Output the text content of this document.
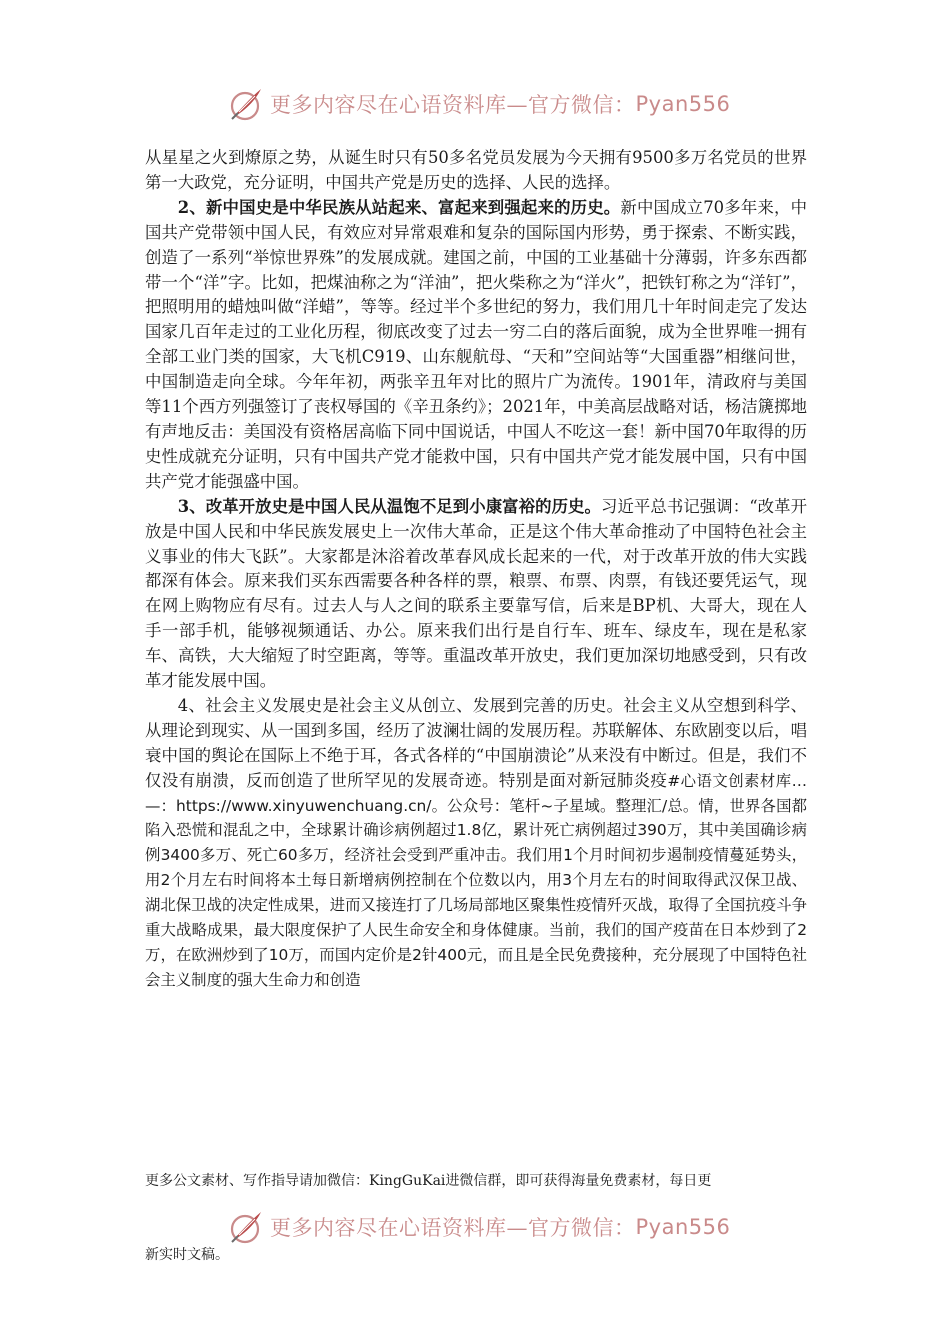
更多内容尽在心语资料库—官方微信： Pyan556

从星星之火到燎原之势，从诞生时只有50多名党员发展为今天拥有9500多万名党员的世界第一大政党，充分证明，中国共产党是历史的选择、人民的选择。

2、新中国史是中华民族从站起来、富起来到强起来的历史。新中国成立70多年来，中国共产党带领中国人民，有效应对异常艰难和复杂的国际国内形势，勇于探索、不断实践，创造了一系列“举惊世界殊”的发展成就。建国之前，中国的工业基础十分薄弱，许多东西都带一个“洋”字。比如，把煤油称之为“洋油”，把火柴称之为“洋火”，把铁钉称之为“洋钉”，把照明用的蜡烛叫做“洋蜡”，等等。经过半个多世纪的努力，我们用几十年时间走完了发达国家几百年走过的工业化历程，彻底改变了过去一穷二白的落后面貌，成为全世界唯一拥有全部工业门类的国家，大飞机C919、山东舰航母、“天和”空间站等“大国重器”相继问世，中国制造走向全球。今年年初，两张辛丑年对比的照片广为流传。1901年，清政府与美国等11个西方列强签订了丧权辱国的《辛丑条约》；2021年，中美高层战略对话，杨洁篪掷地有声地反击：美国没有资格居高临下同中国说话，中国人不吃这一套！新中国70年取得的历史性成就充分证明，只有中国共产党才能救中国，只有中国共产党才能发展中国，只有中国共产党才能强盛中国。

3、改革开放史是中国人民从温饱不足到小康富裕的历史。习近平总书记强调：“改革开放是中国人民和中华民族发展史上一次伟大革命，正是这个伟大革命推动了中国特色社会主义事业的伟大飞跃”。大家都是沐浴着改革春风成长起来的一代，对于改革开放的伟大实践都深有体会。原来我们买东西需要各种各样的票，粮票、布票、肉票，有钱还要凭运气，现在网上购物应有尽有。过去人与人之间的联系主要靠写信，后来是BP机、大哥大，现在人手一部手机，能够视频通话、办公。原来我们出行是自行车、班车、绿皮车，现在是私家车、高铁，大大缩短了时空距离，等等。重温改革开放史，我们更加深切地感受到，只有改革才能发展中国。

4、社会主义发展史是社会主义从创立、发展到完善的历史。社会主义从空想到科学、从理论到现实、从一国到多国，经历了波澜壮阔的发展历程。苏联解体、东欧剧变以后，唱衰中国的舆论在国际上不绝于耳，各式各样的“中国崩溃论”从来没有中断过。但是，我们不仅没有崩溃，反而创造了世所罕见的发展奇迹。特别是面对新冠肺炎疫#心语文创素材库…—：https://www.xinyuwenchuang.cn/。公众号：笔杆~子星域。整理汇/总。情，世界各国都陷入恐慌和混乱之中，全球累计确诊病例超过1.8亿，累计死亡病例超过390万，其中美国确诊病例3400多万、死亡60多万，经济社会受到严重冲击。我们用1个月时间初步遏制疫情蔓延势头，用2个月左右时间将本土每日新增病例控制在个位数以内，用3个月左右的时间取得武汉保卫战、湖北保卫战的决定性成果，进而又接连打了几场局部地区聚集性疫情歼灭战，取得了全国抗疫斗争重大战略成果，最大限度保护了人民生命安全和身体健康。当前，我们的国产疫苗在日本炒到了2万，在欧洲炒到了10万，而国内定价是2针400元，而且是全民免费接种，充分展现了中国特色社会主义制度的强大生命力和创造

更多公文素材、写作指导请加微信：KingGuKai进微信群，即可获得海量免费素材，每日更
更多内容尽在心语资料库—官方微信： Pyan556
新实时文稿。
